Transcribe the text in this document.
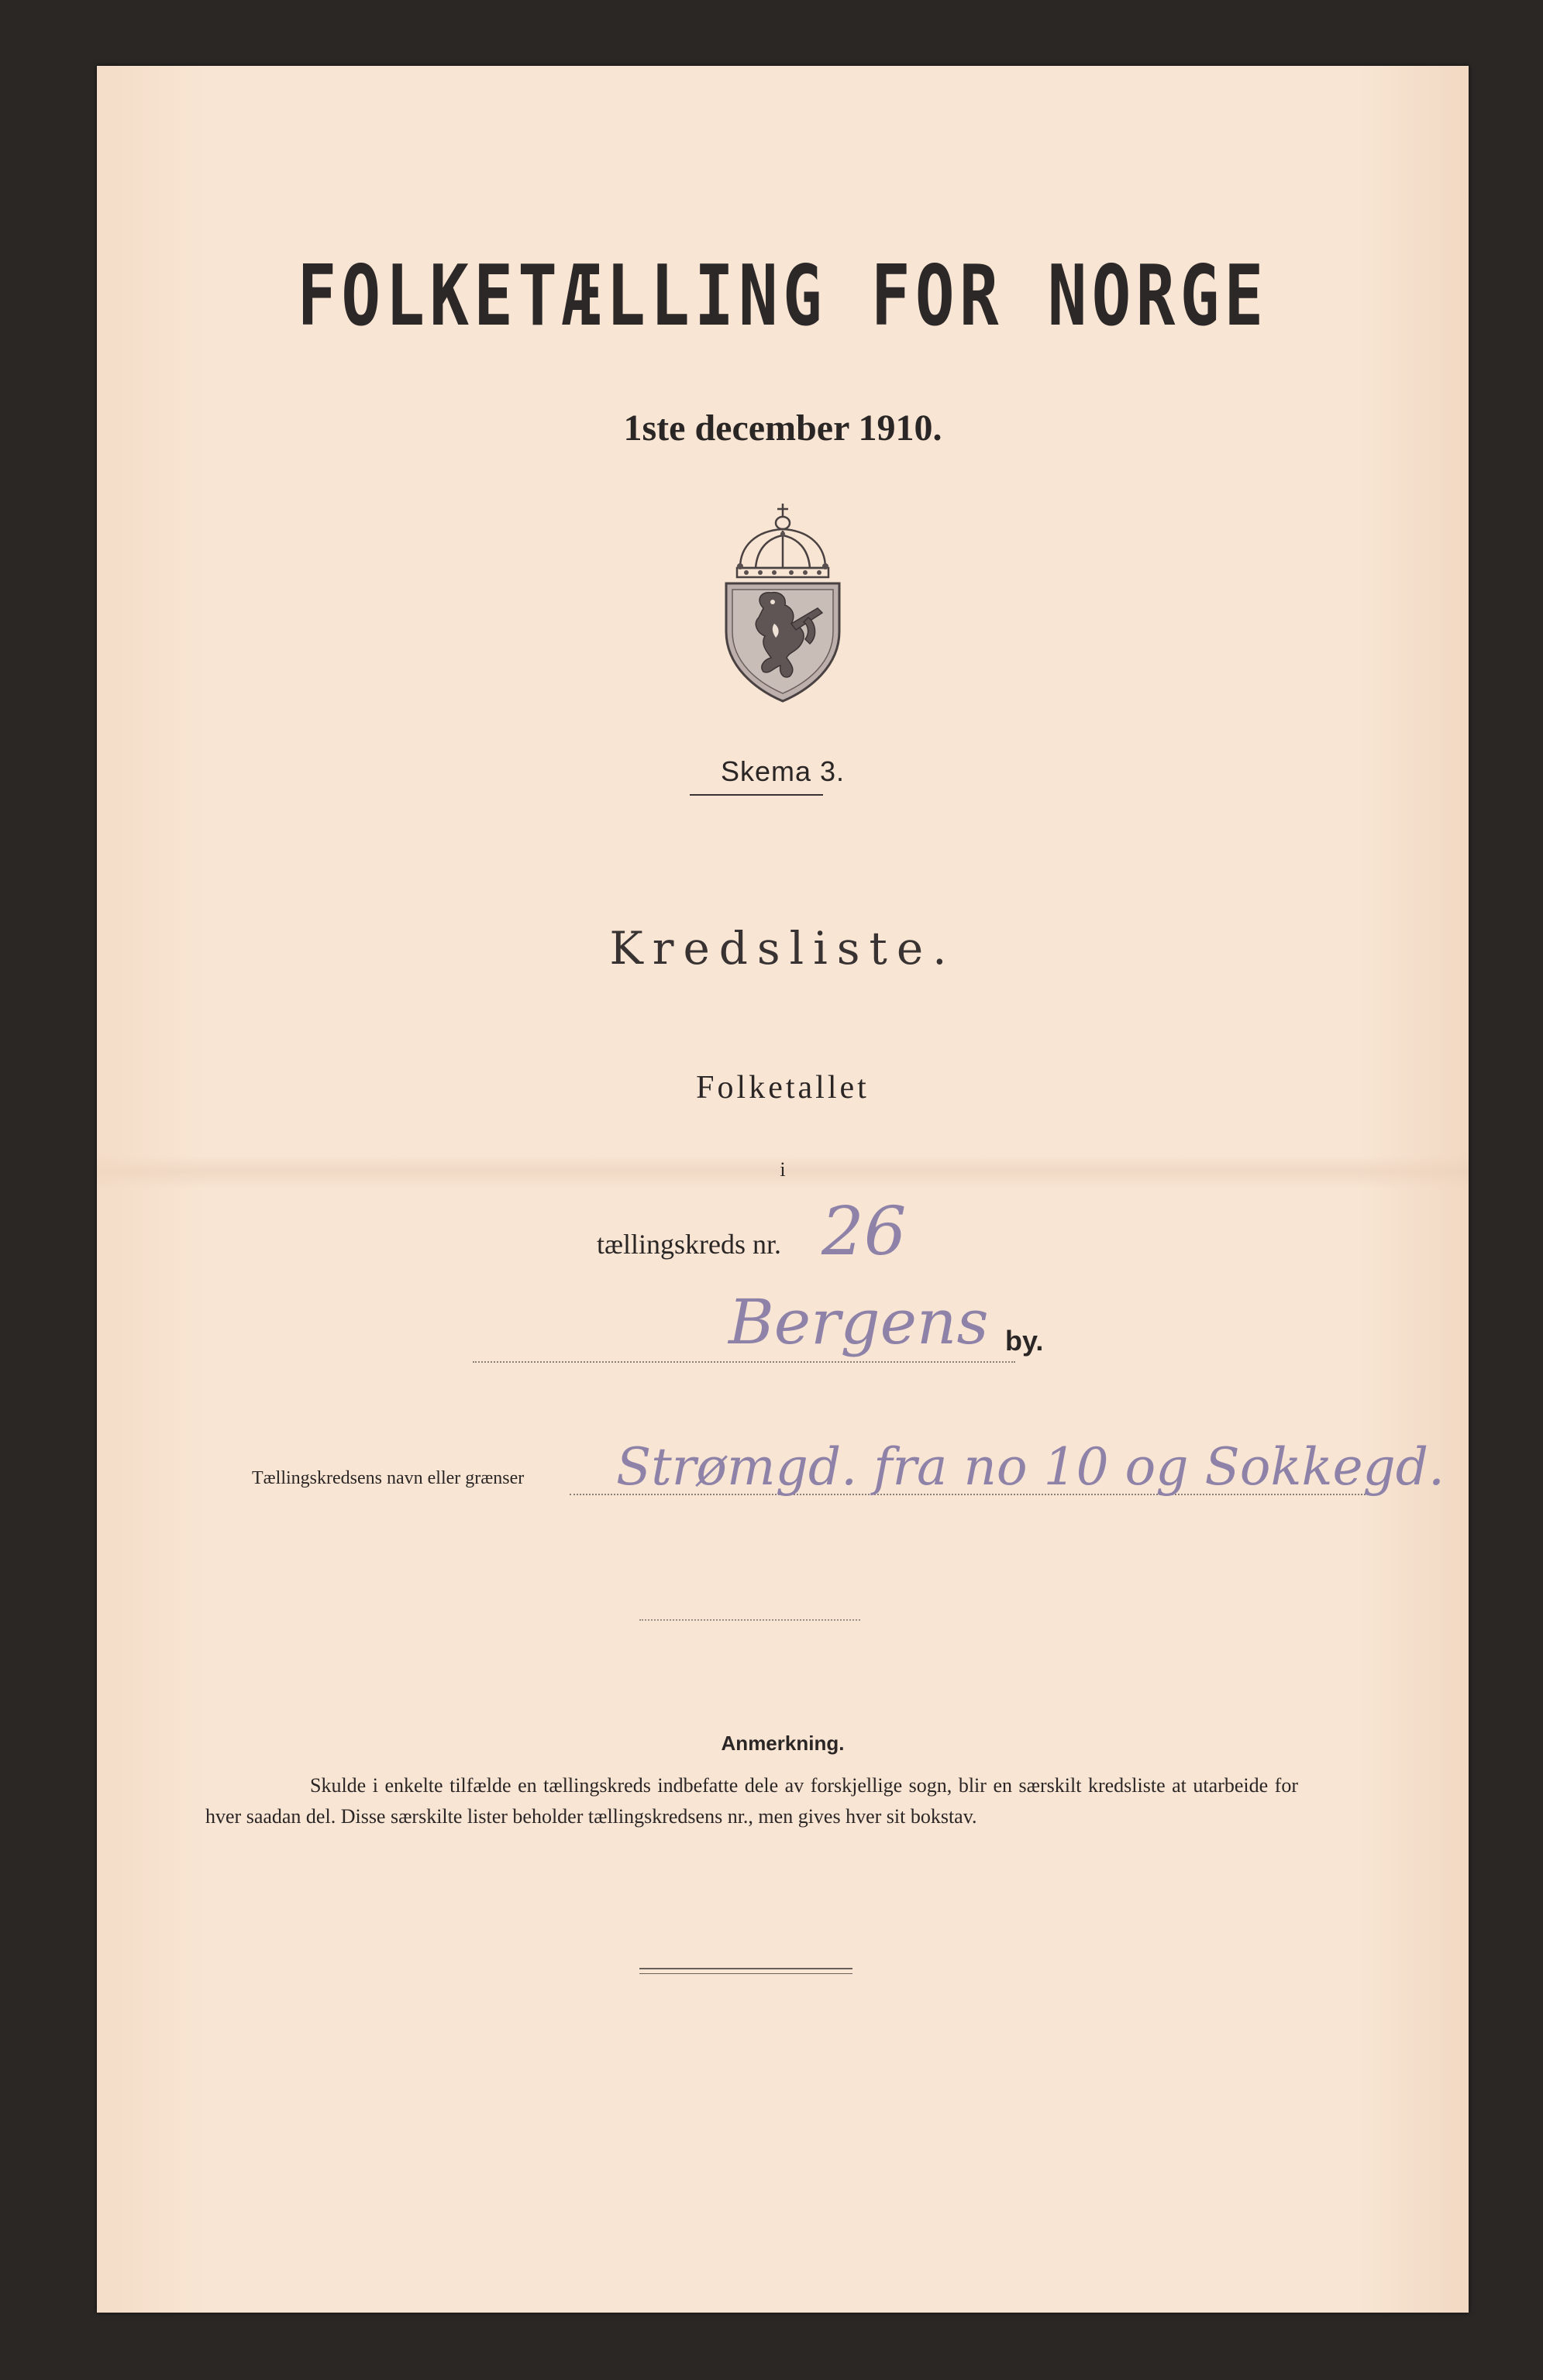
FOLKETÆLLING FOR NORGE
1ste december 1910.
Skema 3.
Kredsliste.
Folketallet
i
tællingskreds nr. 26
Bergens by.
Tællingskredsens navn eller grænser Strømgd. fra no 10 og Sokkegd.
Anmerkning.
Skulde i enkelte tilfælde en tællingskreds indbefatte dele av forskjellige sogn, blir en særskilt kredsliste at utarbeide for hver saadan del. Disse særskilte lister beholder tællingskredsens nr., men gives hver sit bokstav.
